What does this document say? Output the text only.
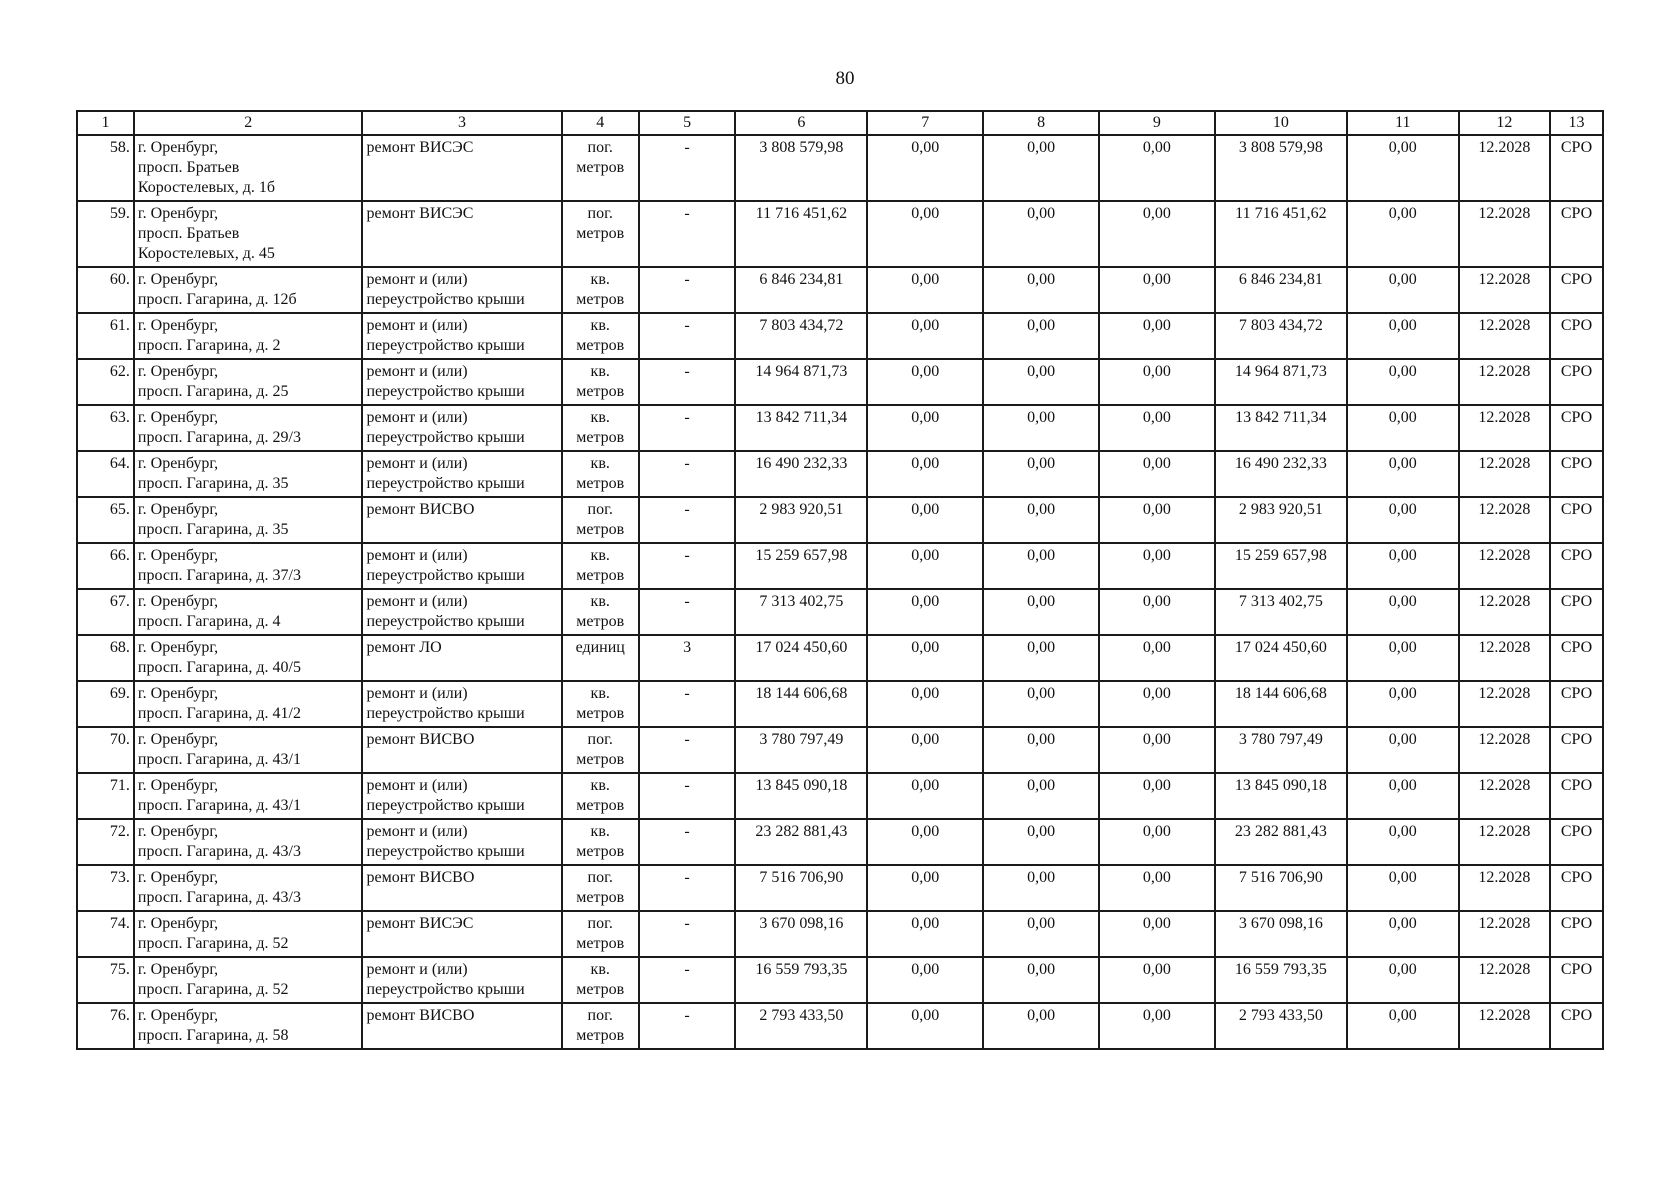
80
1	2	3	4	5	6	7	8	9	10	11	12	13
58.	г. Оренбург,
просп. Братьев
Коростелевых, д. 1б	ремонт ВИСЭС	пог.
метров	-	3 808 579,98	0,00	0,00	0,00	3 808 579,98	0,00	12.2028	СРО
59.	г. Оренбург,
просп. Братьев
Коростелевых, д. 45	ремонт ВИСЭС	пог.
метров	-	11 716 451,62	0,00	0,00	0,00	11 716 451,62	0,00	12.2028	СРО
60.	г. Оренбург,
просп. Гагарина, д. 12б	ремонт и (или)
переустройство крыши	кв.
метров	-	6 846 234,81	0,00	0,00	0,00	6 846 234,81	0,00	12.2028	СРО
61.	г. Оренбург,
просп. Гагарина, д. 2	ремонт и (или)
переустройство крыши	кв.
метров	-	7 803 434,72	0,00	0,00	0,00	7 803 434,72	0,00	12.2028	СРО
62.	г. Оренбург,
просп. Гагарина, д. 25	ремонт и (или)
переустройство крыши	кв.
метров	-	14 964 871,73	0,00	0,00	0,00	14 964 871,73	0,00	12.2028	СРО
63.	г. Оренбург,
просп. Гагарина, д. 29/3	ремонт и (или)
переустройство крыши	кв.
метров	-	13 842 711,34	0,00	0,00	0,00	13 842 711,34	0,00	12.2028	СРО
64.	г. Оренбург,
просп. Гагарина, д. 35	ремонт и (или)
переустройство крыши	кв.
метров	-	16 490 232,33	0,00	0,00	0,00	16 490 232,33	0,00	12.2028	СРО
65.	г. Оренбург,
просп. Гагарина, д. 35	ремонт ВИСВО	пог.
метров	-	2 983 920,51	0,00	0,00	0,00	2 983 920,51	0,00	12.2028	СРО
66.	г. Оренбург,
просп. Гагарина, д. 37/3	ремонт и (или)
переустройство крыши	кв.
метров	-	15 259 657,98	0,00	0,00	0,00	15 259 657,98	0,00	12.2028	СРО
67.	г. Оренбург,
просп. Гагарина, д. 4	ремонт и (или)
переустройство крыши	кв.
метров	-	7 313 402,75	0,00	0,00	0,00	7 313 402,75	0,00	12.2028	СРО
68.	г. Оренбург,
просп. Гагарина, д. 40/5	ремонт ЛО	единиц	3	17 024 450,60	0,00	0,00	0,00	17 024 450,60	0,00	12.2028	СРО
69.	г. Оренбург,
просп. Гагарина, д. 41/2	ремонт и (или)
переустройство крыши	кв.
метров	-	18 144 606,68	0,00	0,00	0,00	18 144 606,68	0,00	12.2028	СРО
70.	г. Оренбург,
просп. Гагарина, д. 43/1	ремонт ВИСВО	пог.
метров	-	3 780 797,49	0,00	0,00	0,00	3 780 797,49	0,00	12.2028	СРО
71.	г. Оренбург,
просп. Гагарина, д. 43/1	ремонт и (или)
переустройство крыши	кв.
метров	-	13 845 090,18	0,00	0,00	0,00	13 845 090,18	0,00	12.2028	СРО
72.	г. Оренбург,
просп. Гагарина, д. 43/3	ремонт и (или)
переустройство крыши	кв.
метров	-	23 282 881,43	0,00	0,00	0,00	23 282 881,43	0,00	12.2028	СРО
73.	г. Оренбург,
просп. Гагарина, д. 43/3	ремонт ВИСВО	пог.
метров	-	7 516 706,90	0,00	0,00	0,00	7 516 706,90	0,00	12.2028	СРО
74.	г. Оренбург,
просп. Гагарина, д. 52	ремонт ВИСЭС	пог.
метров	-	3 670 098,16	0,00	0,00	0,00	3 670 098,16	0,00	12.2028	СРО
75.	г. Оренбург,
просп. Гагарина, д. 52	ремонт и (или)
переустройство крыши	кв.
метров	-	16 559 793,35	0,00	0,00	0,00	16 559 793,35	0,00	12.2028	СРО
76.	г. Оренбург,
просп. Гагарина, д. 58	ремонт ВИСВО	пог.
метров	-	2 793 433,50	0,00	0,00	0,00	2 793 433,50	0,00	12.2028	СРО
